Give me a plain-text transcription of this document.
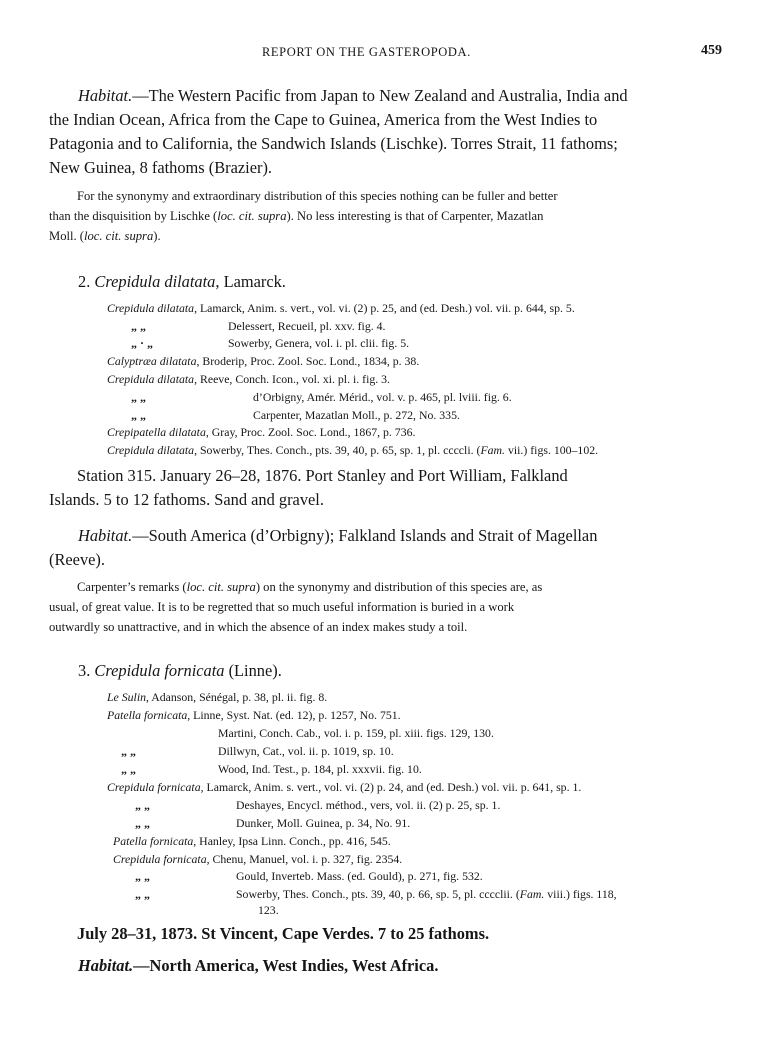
REPORT ON THE GASTEROPODA.	459
Habitat.—The Western Pacific from Japan to New Zealand and Australia, India and
the Indian Ocean, Africa from the Cape to Guinea, America from the West Indies to
Patagonia and to California, the Sandwich Islands (Lischke). Torres Strait, 11 fathoms;
New Guinea, 8 fathoms (Brazier).
For the synonymy and extraordinary distribution of this species nothing can be fuller and better
than the disquisition by Lischke (loc. cit. supra). No less interesting is that of Carpenter, Mazatlan
Moll. (loc. cit. supra).
2. Crepidula dilatata, Lamarck.
Crepidula dilatata, Lamarck, Anim. s. vert., vol. vi. (2) p. 25, and (ed. Desh.) vol. vii. p. 644, sp. 5.
„ „	Delessert, Recueil, pl. xxv. fig. 4.
„ · „	Sowerby, Genera, vol. i. pl. clii. fig. 5.
Calyptræa dilatata, Broderip, Proc. Zool. Soc. Lond., 1834, p. 38.
Crepidula dilatata, Reeve, Conch. Icon., vol. xi. pl. i. fig. 3.
„ „	d’Orbigny, Amér. Mérid., vol. v. p. 465, pl. lviii. fig. 6.
„ „	Carpenter, Mazatlan Moll., p. 272, No. 335.
Crepipatella dilatata, Gray, Proc. Zool. Soc. Lond., 1867, p. 736.
Crepidula dilatata, Sowerby, Thes. Conch., pts. 39, 40, p. 65, sp. 1, pl. ccccli. (Fam. vii.) figs. 100–102.
Station 315. January 26–28, 1876. Port Stanley and Port William, Falkland
Islands. 5 to 12 fathoms. Sand and gravel.
Habitat.—South America (d’Orbigny); Falkland Islands and Strait of Magellan
(Reeve).
Carpenter’s remarks (loc. cit. supra) on the synonymy and distribution of this species are, as
usual, of great value. It is to be regretted that so much useful information is buried in a work
outwardly so unattractive, and in which the absence of an index makes study a toil.
3. Crepidula fornicata (Linne).
Le Sulin, Adanson, Sénégal, p. 38, pl. ii. fig. 8.
Patella fornicata, Linne, Syst. Nat. (ed. 12), p. 1257, No. 751.
Martini, Conch. Cab., vol. i. p. 159, pl. xiii. figs. 129, 130.
„ „	Dillwyn, Cat., vol. ii. p. 1019, sp. 10.
„ „	Wood, Ind. Test., p. 184, pl. xxxvii. fig. 10.
Crepidula fornicata, Lamarck, Anim. s. vert., vol. vi. (2) p. 24, and (ed. Desh.) vol. vii. p. 641, sp. 1.
„ „	Deshayes, Encycl. méthod., vers, vol. ii. (2) p. 25, sp. 1.
„ „	Dunker, Moll. Guinea, p. 34, No. 91.
Patella fornicata, Hanley, Ipsa Linn. Conch., pp. 416, 545.
Crepidula fornicata, Chenu, Manuel, vol. i. p. 327, fig. 2354.
„ „	Gould, Inverteb. Mass. (ed. Gould), p. 271, fig. 532.
„ „	Sowerby, Thes. Conch., pts. 39, 40, p. 66, sp. 5, pl. cccclii. (Fam. viii.) figs. 118,
123.
July 28–31, 1873. St Vincent, Cape Verdes. 7 to 25 fathoms.
Habitat.—North America, West Indies, West Africa.
